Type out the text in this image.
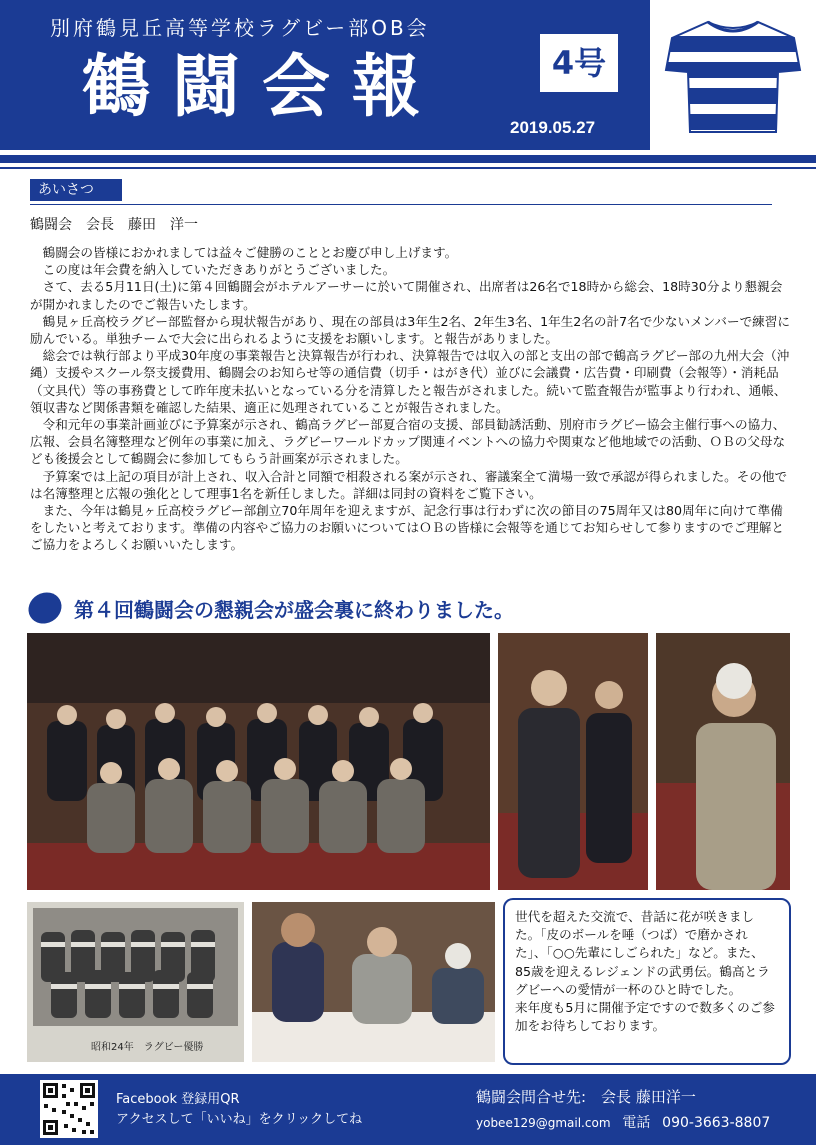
別府鶴見丘高等学校ラグビー部OB会
鶴闘会報	4号
2019.05.27
あいさつ
鶴闘会　会長　藤田　洋一

鶴闘会の皆様におかれましては益々ご健勝のこととお慶び申し上げます。

この度は年会費を納入していただきありがとうございました。

さて、去る5月11日(土)に第４回鶴闘会がホテルアーサーに於いて開催され、出席者は26名で18時から総会、18時30分より懇親会が開かれましたのでご報告いたします。

鶴見ヶ丘高校ラグビー部監督から現状報告があり、現在の部員は3年生2名、2年生3名、1年生2名の計7名で少ないメンバーで練習に励んでいる。単独チームで大会に出られるように支援をお願いします。と報告がありました。

総会では執行部より平成30年度の事業報告と決算報告が行われ、決算報告では収入の部と支出の部で鶴高ラグビー部の九州大会（沖縄）支援やスクール祭支援費用、鶴闘会のお知らせ等の通信費（切手・はがき代）並びに会議費・広告費・印刷費（会報等）・消耗品（文具代）等の事務費として昨年度未払いとなっている分を清算したと報告がされました。続いて監査報告が監事より行われ、通帳、領収書など関係書類を確認した結果、適正に処理されていることが報告されました。

令和元年の事業計画並びに予算案が示され、鶴高ラグビー部夏合宿の支援、部員勧誘活動、別府市ラグビー協会主催行事への協力、広報、会員名簿整理など例年の事業に加え、ラグビーワールドカップ関連イベントへの協力や関東など他地域での活動、ＯＢの父母なども後援会として鶴闘会に参加してもらう計画案が示されました。

予算案では上記の項目が計上され、収入合計と同額で相殺される案が示され、審議案全て満場一致で承認が得られました。その他では名簿整理と広報の強化として理事1名を新任しました。詳細は同封の資料をご覧下さい。

また、今年は鶴見ヶ丘高校ラグビー部創立70年周年を迎えますが、記念行事は行わずに次の節目の75周年又は80周年に向けて準備をしたいと考えております。準備の内容やご協力のお願いについてはＯＢの皆様に会報等を通じてお知らせして参りますのでご理解とご協力をよろしくお願いいたします。

第４回鶴闘会の懇親会が盛会裏に終わりました。
昭和24年　ラグビー優勝

世代を超えた交流で、昔話に花が咲きました。「皮のボールを唾（つば）で磨かされた」、「○○先輩にしごられた」など。また、85歳を迎えるレジェンドの武勇伝。鶴高とラグビーへの愛情が一杯のひと時でした。

来年度も5月に開催予定ですので数多くのご参加をお待ちしております。

Facebook 登録用QR
アクセスして「いいね」をクリックしてね
鶴闘会問合せ先:　会長 藤田洋一
yobee129@gmail.com 電話 090-3663-8807
